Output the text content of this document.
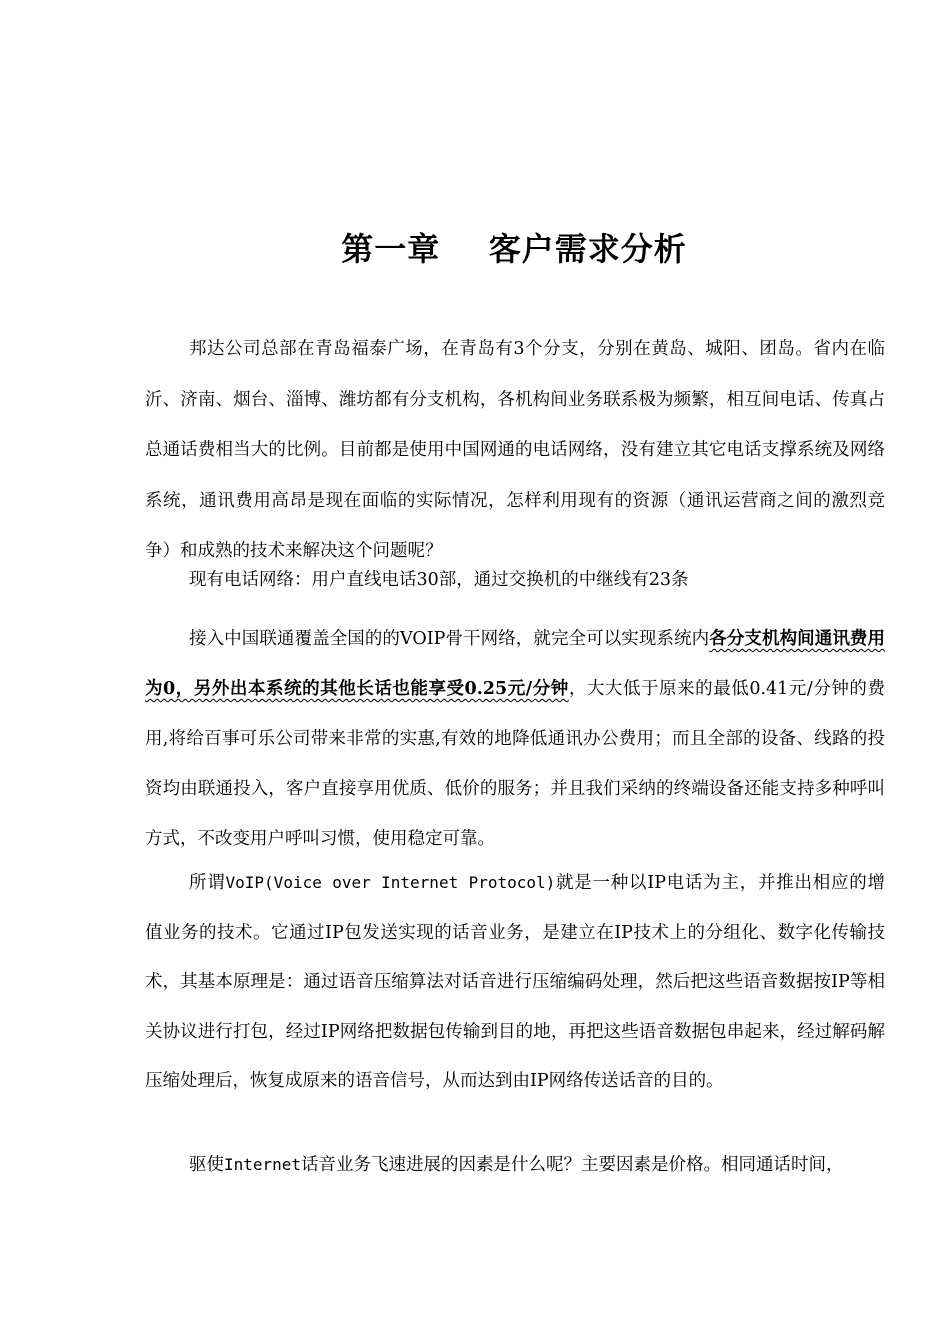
第一章    客户需求分析

邦达公司总部在青岛福泰广场，在青岛有3个分支，分别在黄岛、城阳、团岛。省内在临沂、济南、烟台、淄博、潍坊都有分支机构，各机构间业务联系极为频繁，相互间电话、传真占总通话费相当大的比例。目前都是使用中国网通的电话网络，没有建立其它电话支撑系统及网络系统，通讯费用高昂是现在面临的实际情况，怎样利用现有的资源（通讯运营商之间的激烈竞争）和成熟的技术来解决这个问题呢？

现有电话网络：用户直线电话30部，通过交换机的中继线有23条

接入中国联通覆盖全国的的VOIP骨干网络，就完全可以实现系统内各分支机构间通讯费用为0，另外出本系统的其他长话也能享受0.25元/分钟，大大低于原来的最低0.41元/分钟的费用,将给百事可乐公司带来非常的实惠,有效的地降低通讯办公费用；而且全部的设备、线路的投资均由联通投入，客户直接享用优质、低价的服务；并且我们采纳的终端设备还能支持多种呼叫方式，不改变用户呼叫习惯，使用稳定可靠。

所谓VoIP(Voice over Internet Protocol)就是一种以IP电话为主，并推出相应的增值业务的技术。它通过IP包发送实现的话音业务，是建立在IP技术上的分组化、数字化传输技术，其基本原理是：通过语音压缩算法对话音进行压缩编码处理，然后把这些语音数据按IP等相关协议进行打包，经过IP网络把数据包传输到目的地，再把这些语音数据包串起来，经过解码解压缩处理后，恢复成原来的语音信号，从而达到由IP网络传送话音的目的。

驱使Internet话音业务飞速进展的因素是什么呢？主要因素是价格。相同通话时间，
